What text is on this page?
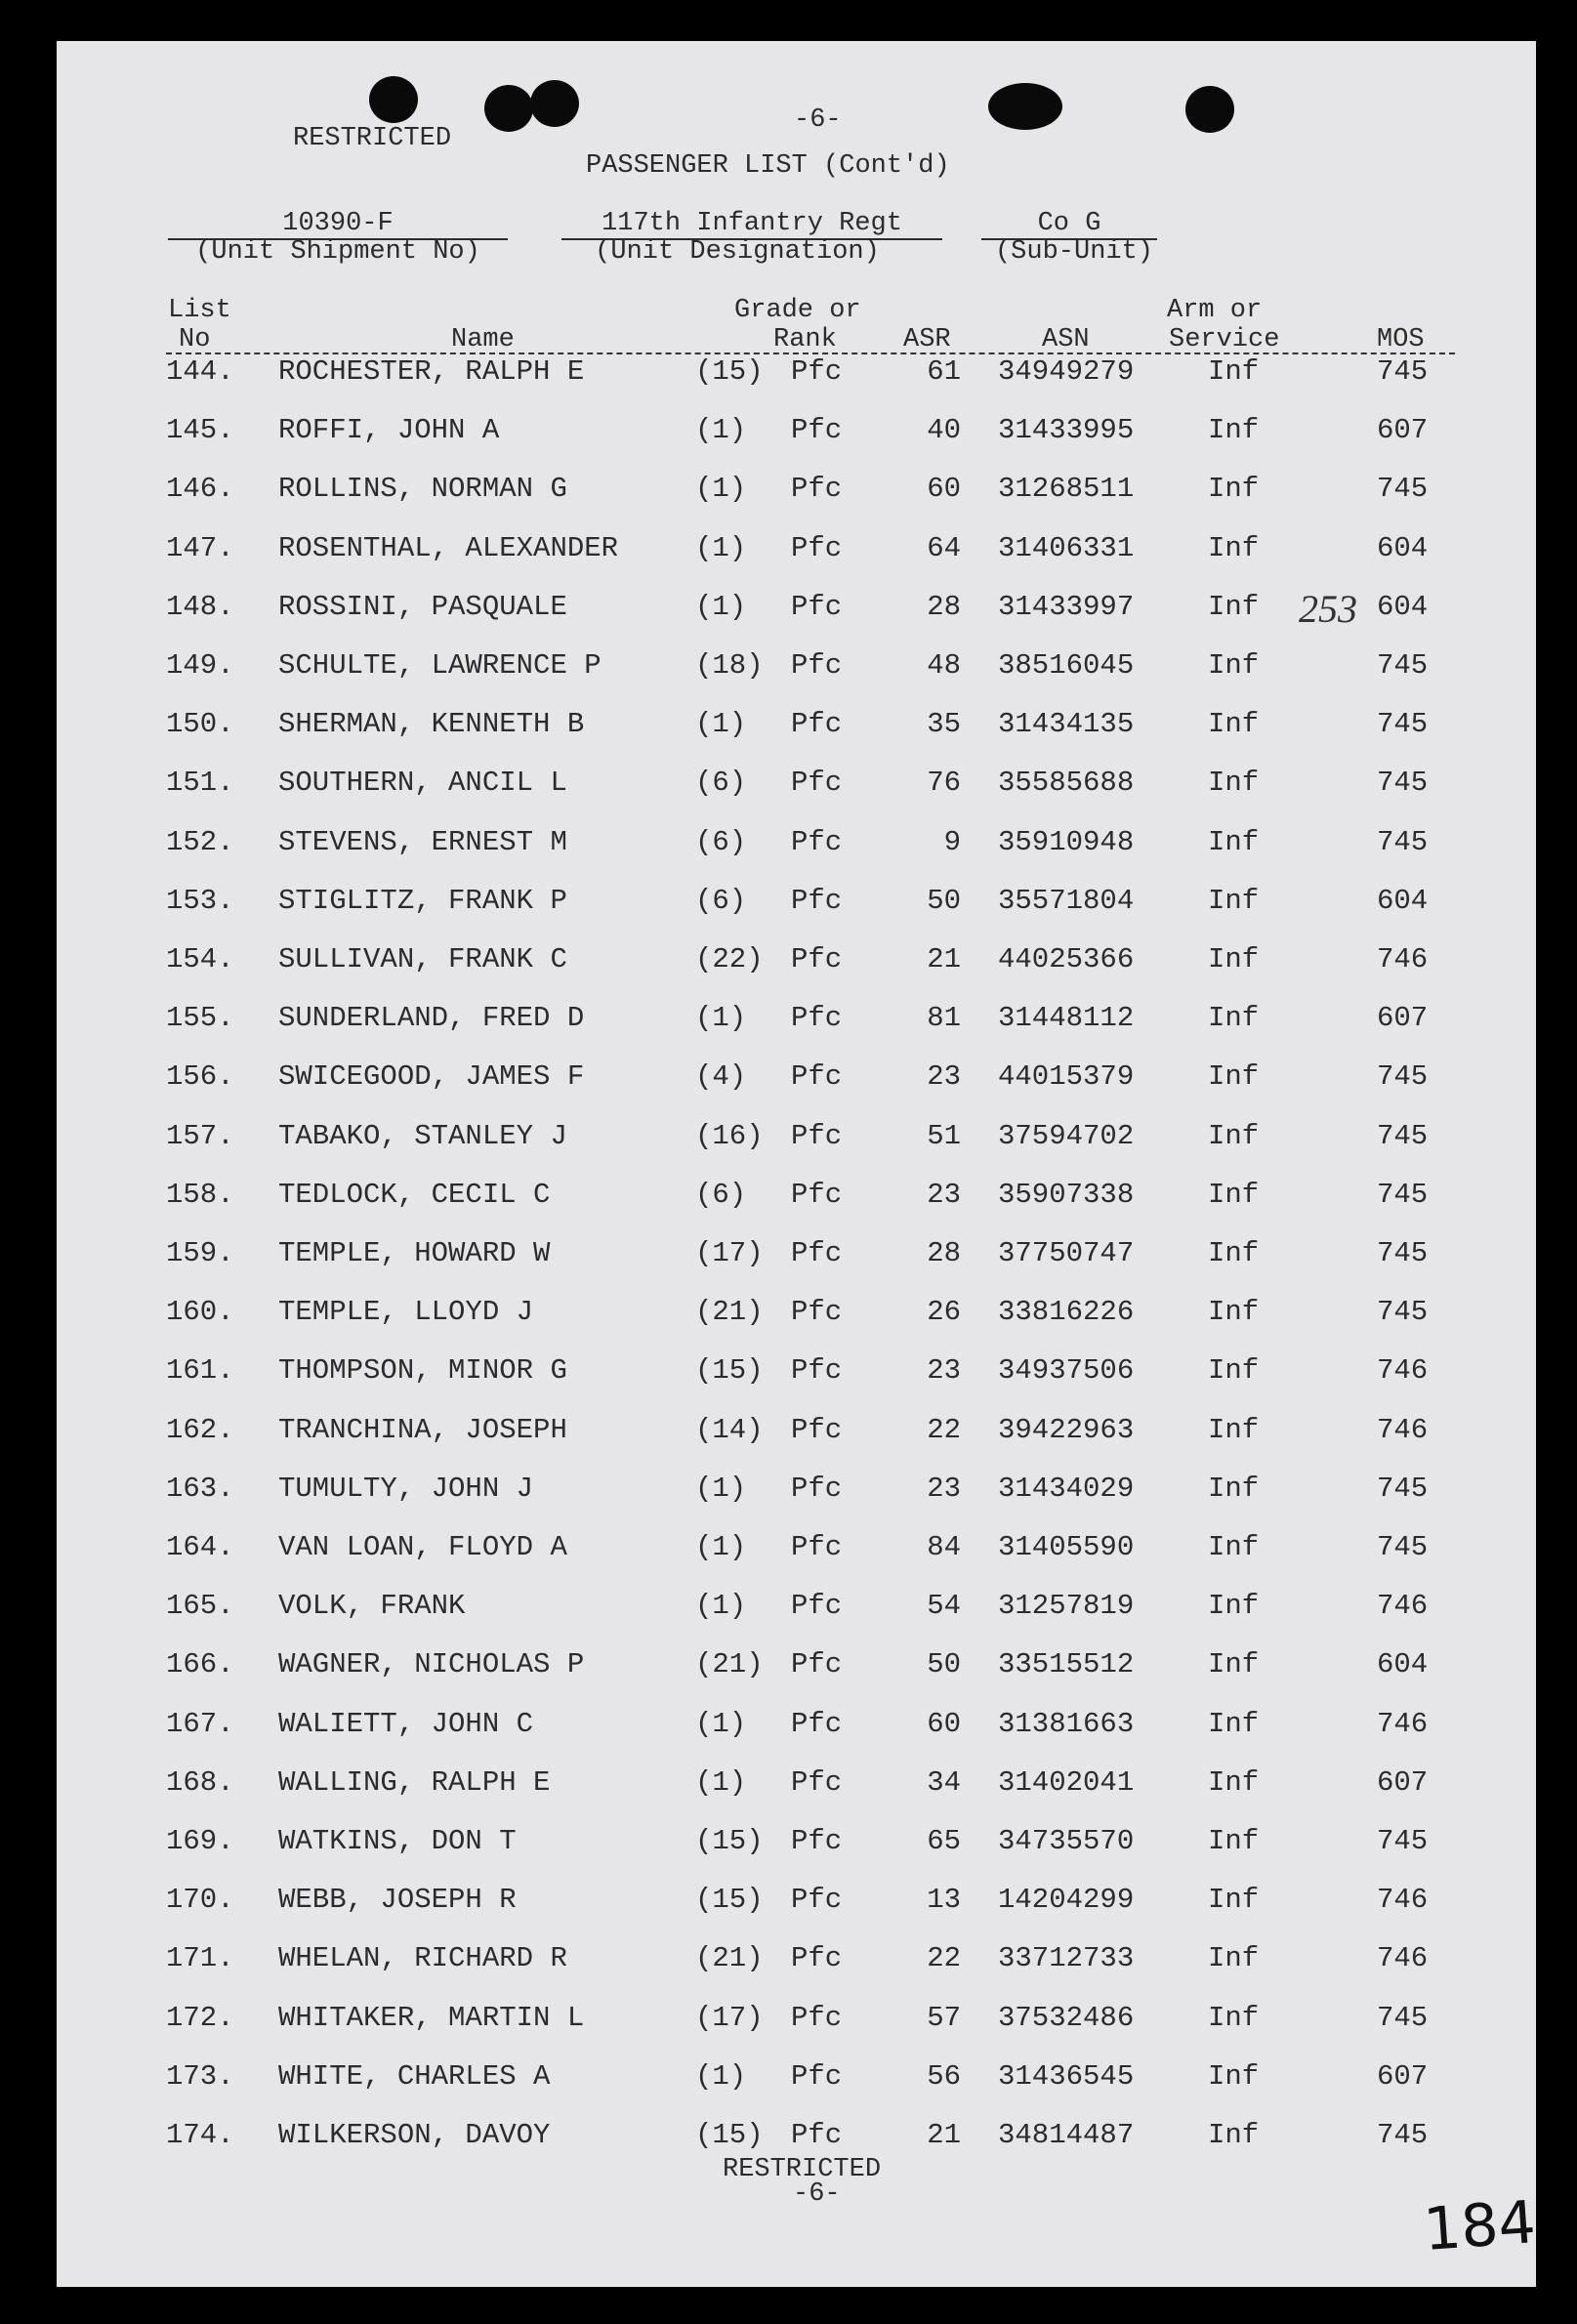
RESTRICTED
-6-
PASSENGER LIST (Cont'd)
10390-F
(Unit Shipment No)
117th Infantry Regt
(Unit Designation)
Co G
(Sub-Unit)
List
No	Name
Grade or
Rank	ASR	ASN
Arm or
Service	MOS
144. ROCHESTER, RALPH E	(15) Pfc	61 34949279	Inf	745
145. ROFFI, JOHN A	(1) Pfc	40 31433995	Inf	607
146. ROLLINS, NORMAN G	(1) Pfc	60 31268511	Inf	745
147. ROSENTHAL, ALEXANDER	(1) Pfc	64 31406331	Inf	604
148. ROSSINI, PASQUALE	(1) Pfc	28 31433997	Inf	604
149. SCHULTE, LAWRENCE P	(18) Pfc	48 38516045	Inf	745
150. SHERMAN, KENNETH B	(1) Pfc	35 31434135	Inf	745
151. SOUTHERN, ANCIL L	(6) Pfc	76 35585688	Inf	745
152. STEVENS, ERNEST M	(6) Pfc	9 35910948	Inf	745
153. STIGLITZ, FRANK P	(6) Pfc	50 35571804	Inf	604
154. SULLIVAN, FRANK C	(22) Pfc	21 44025366	Inf	746
155. SUNDERLAND, FRED D	(1) Pfc	81 31448112	Inf	607
156. SWICEGOOD, JAMES F	(4) Pfc	23 44015379	Inf	745
157. TABAKO, STANLEY J	(16) Pfc	51 37594702	Inf	745
158. TEDLOCK, CECIL C	(6) Pfc	23 35907338	Inf	745
159. TEMPLE, HOWARD W	(17) Pfc	28 37750747	Inf	745
160. TEMPLE, LLOYD J	(21) Pfc	26 33816226	Inf	745
161. THOMPSON, MINOR G	(15) Pfc	23 34937506	Inf	746
162. TRANCHINA, JOSEPH	(14) Pfc	22 39422963	Inf	746
163. TUMULTY, JOHN J	(1) Pfc	23 31434029	Inf	745
164. VAN LOAN, FLOYD A	(1) Pfc	84 31405590	Inf	745
165. VOLK, FRANK	(1) Pfc	54 31257819	Inf	746
166. WAGNER, NICHOLAS P	(21) Pfc	50 33515512	Inf	604
167. WALIETT, JOHN C	(1) Pfc	60 31381663	Inf	746
168. WALLING, RALPH E	(1) Pfc	34 31402041	Inf	607
169. WATKINS, DON T	(15) Pfc	65 34735570	Inf	745
170. WEBB, JOSEPH R	(15) Pfc	13 14204299	Inf	746
171. WHELAN, RICHARD R	(21) Pfc	22 33712733	Inf	746
172. WHITAKER, MARTIN L	(17) Pfc	57 37532486	Inf	745
173. WHITE, CHARLES A	(1) Pfc	56 31436545	Inf	607
174. WILKERSON, DAVOY	(15) Pfc	21 34814487	Inf	745
253
RESTRICTED
-6-	184
